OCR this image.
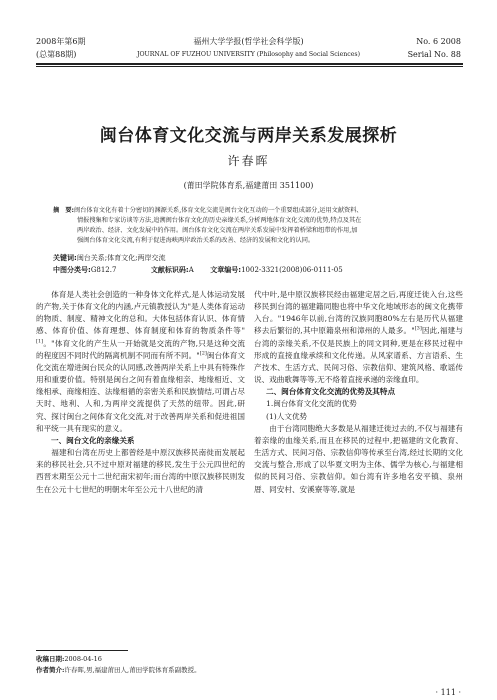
2008年第6期
(总第88期)
福州大学学报(哲学社会科学版)
JOURNAL OF FUZHOU UNIVERSITY (Philosophy and Social Sciences)
No. 6 2008
Serial No. 88
闽台体育文化交流与两岸关系发展探析
许春晖
(莆田学院体育系,福建莆田 351100)
摘　要:闽台体育文化有着十分密切的渊源关系,体育文化交流是闽台文化互动的一个重要组成部分,运用文献资料、
情报搜集和专家访谈等方法,追溯闽台体育文化的历史亲缘关系,分析两地体育文化交流的优势,特点及其在
两岸政治、经济、文化发展中的作用。闽台体育文化交流在两岸关系发展中发挥着桥梁和纽带的作用,加
强闽台体育文化交流,有利于促进海峡两岸政治关系的改善、经济的发展和文化的认同。
关键词:闽台关系;体育文化;两岸交流
中图分类号:G812.7	文献标识码:A 文章编号:1002-3321(2008)06-0111-05

体育是人类社会创造的一种身体文化样式,是人体运动发展的产物,关于体育文化的内涵,卢元镇教授认为"是人类体育运动的物质、制度、精神文化的总和。大体包括体育认识、体育情感、体育价值、体育理想、体育制度和体育的物质条件等"[1]。"体育文化的产生从一开始就是交流的产物,只是这种交流的程度因不同时代的隔离机制不同而有所不同。"[2]闽台体育文化交流在增进闽台民众的认同感,改善两岸关系上中具有特殊作用和重要价值。特别是闽台之间有着血缘相亲、地缘相近、文缘相承、商缘相连、法缘相循的亲密关系和民族情结,可谓占尽天时、地利、人和,为两岸交流提供了天然的纽带。因此,研究、探讨闽台之间体育文化交流,对于改善两岸关系和促进祖国和平统一具有现实的意义。

一、闽台文化的亲缘关系

福建和台湾在历史上都曾经是中原汉族移民南徙而发展起来的移民社会,只不过中原对福建的移民,发生于公元四世纪的西晋末期至公元十二世纪南宋初年;而台湾的中原汉族移民则发生在公元十七世纪的明朝末年至公元十八世纪的清

代中叶,是中原汉族移民经由福建定居之后,再度迁徙入台,这些移民到台湾的福建籍同胞也将中华文化地域形态的闽文化携带入台。"1946年以前,台湾的汉族同胞80%左右是历代从福建移去后繁衍的,其中原籍泉州和漳州的人最多。"[3]因此,福建与台湾的亲缘关系,不仅是民族上的同文同种,更是在移民过程中形成的直接血缘承续和文化传递。从风家谱系、方言语系、生产技术、生活方式、民间习俗、宗教信仰、建筑风格、歌谣传说、戏曲歌舞等等,无不烙着直接承递的亲缘血印。

二、闽台体育文化交流的优势及其特点

1.闽台体育文化交流的优势

(1)人文优势

由于台湾同胞绝大多数是从福建迁徙过去的,不仅与福建有着亲缘的血缘关系,而且在移民的过程中,把福建的文化教育、生活方式、民间习俗、宗教信仰等传承至台湾,经过长期的文化交流与整合,形成了以华夏文明为主体、儒学为核心,与福建相似的民间习俗、宗教信仰。如台湾有许多地名安平镇、泉州厝、同安村、安溪寮等等,就是

收稿日期:2008-04-16
作者简介:许春晖,男,福建莆田人,莆田学院体育系副教授。
· 111 ·
